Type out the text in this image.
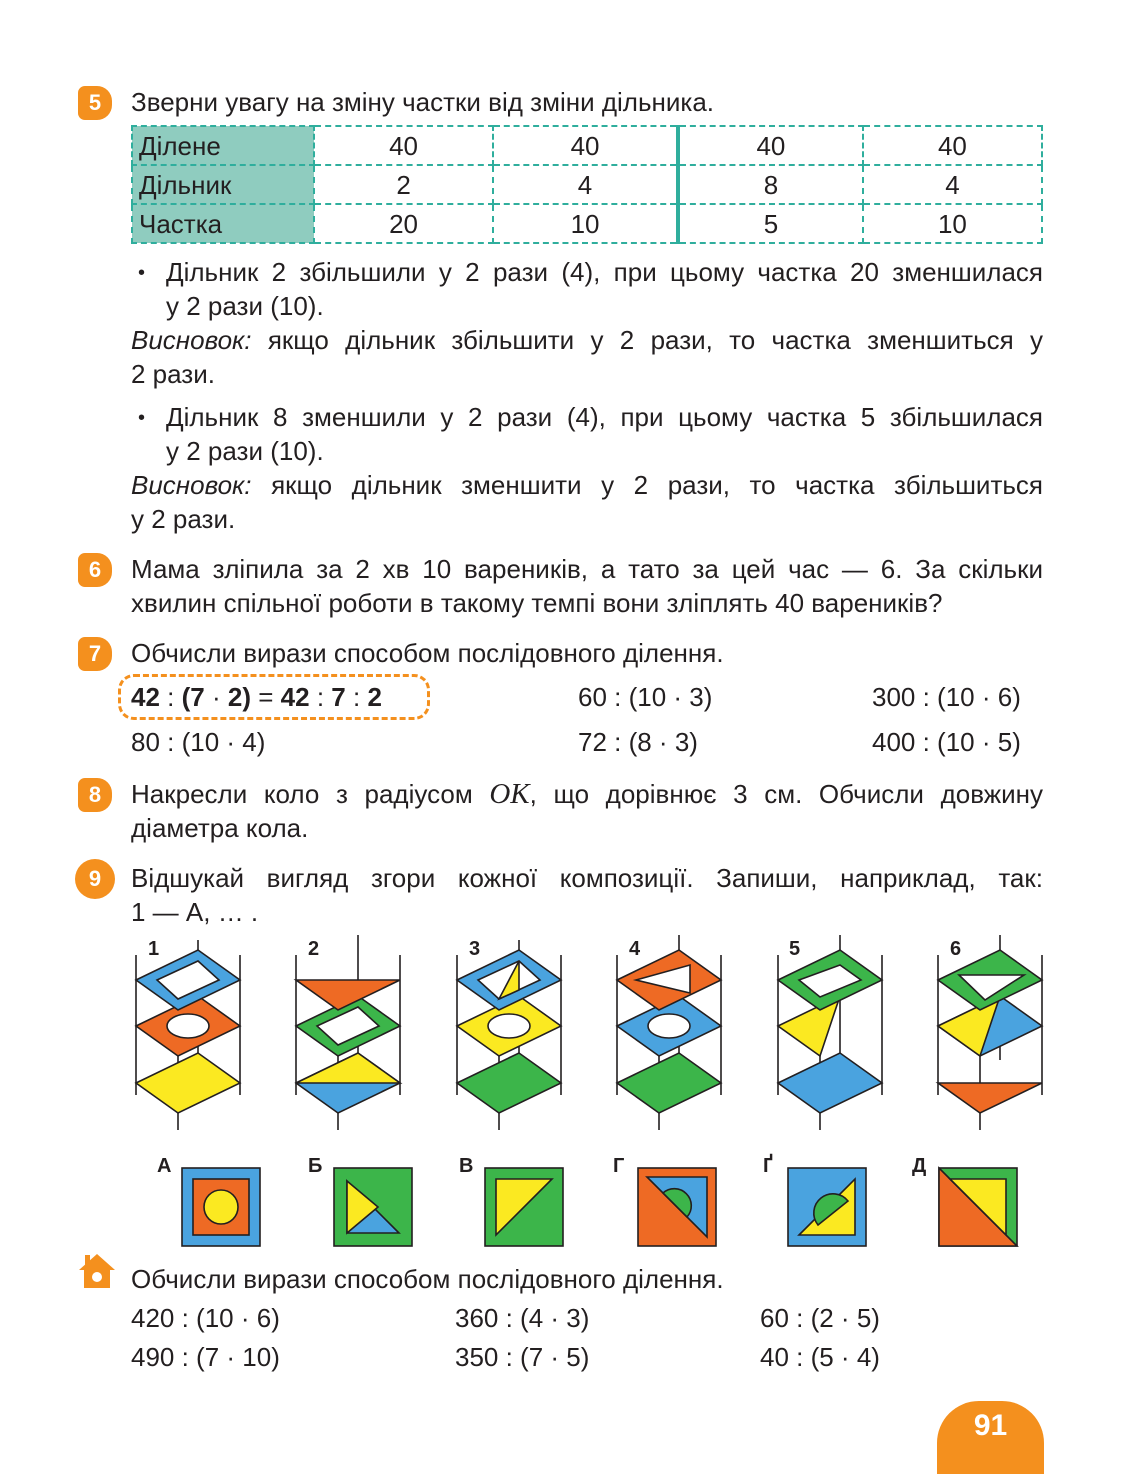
5	Зверни увагу на зміну частки від зміни дільника.
Ділене	40	40	40	40
Дільник	2	4	8	4
Частка	20	10	5	10
• Дільник 2 збільшили у 2 рази (4), при цьому частка 20 зменшилася
у 2 рази (10).
Висновок: якщо дільник збільшити у 2 рази, то частка зменшиться у
2 рази.
• Дільник 8 зменшили у 2 рази (4), при цьому частка 5 збільшилася
у 2 рази (10).
Висновок: якщо дільник зменшити у 2 рази, то частка збільшиться
у 2 рази.
6	Мама зліпила за 2 хв 10 вареників, а тато за цей час — 6. За скільки
хвилин спільної роботи в такому темпі вони зліплять 40 вареників?
7	Обчисли вирази способом послідовного ділення.
42 : (7 · 2) = 42 : 7 : 2	60 : (10 · 3)	300 : (10 · 6)
80 : (10 · 4)	72 : (8 · 3)	400 : (10 · 5)
8	Накресли коло з радіусом OK, що дорівнює 3 см. Обчисли довжину
діаметра кола.
9	Відшукай вигляд згори кожної композиції. Запиши, наприклад, так:
1 — А, … .
1	2	3	4	5	6
А	Б	В	Г	Ґ	Д
Обчисли вирази способом послідовного ділення.
420 : (10 · 6)	360 : (4 · 3)	60 : (2 · 5)
490 : (7 · 10)	350 : (7 · 5)	40 : (5 · 4)
91
